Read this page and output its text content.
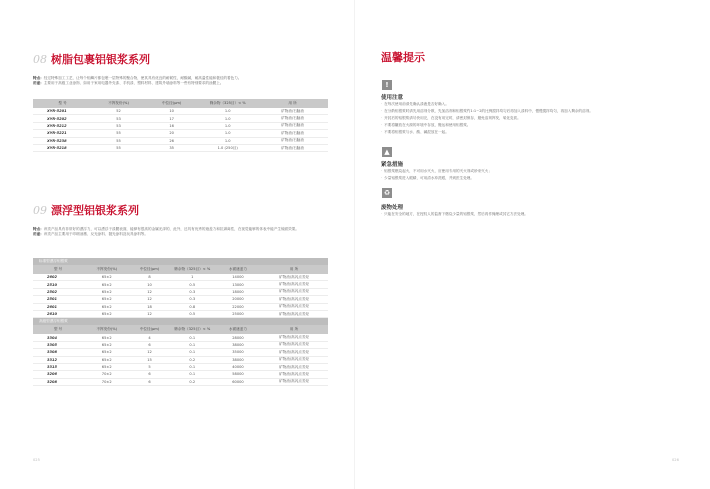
08 树脂包裹铝银浆系列
特点：经过特殊加工工艺，让每个铝鳞片都包裹一层特殊的聚合物，使其具有优良的耐候性，耐酸碱，耐高温性能和极佳的着色力。
用途：主要用于高级工业涂饰、如用于家用电器外壳漆、手机漆、塑料材料、建筑外墙涂料等一些有特别要求的涂膜上。
型 号	不挥发份(%)	中位径(μm)	筛余物（325目）< %	用 所
XYR-5201	52	10	1.0	矿物油/石脑油
XYR-5202	53	17	1.0	矿物油/石脑油
XYR-5212	53	16	1.0	矿物油/石脑油
XYR-5221	55	20	1.0	矿物油/石脑油
XYR-5238	55	26	1.0	矿物油/石脑油
XYR-5218	55	35	1.0 (250目)	矿物油/石脑油
09 漂浮型铝银浆系列
特点：该类产品具有非常好的漂浮力，可以漂浮于漆膜表面，能够有很高的金属光泽的，此外，还具有优秀的遮盖力和抗剥离性，在视觉能够的体表中能产生镜面效果。
用途：该类产品主要用于印刷油墨、反光涂料、抛光涂料及玩具涂料等。
标准型漂浮铝银浆					
型 号	不挥发份(%)	中位径(μm)	筛余物（325目）< %	水面遮盖力	用 所
2602	65±2	8	1	14000	矿物油/高闪点芳烃
2510	65±2	10	0.5	13000	矿物油/高闪点芳烃
2502	65±2	12	0.3	18000	矿物油/高闪点芳烃
2501	65±2	12	0.3	20000	矿物油/高闪点芳烃
2601	65±2	18	0.8	22000	矿物油/高闪点芳烃
2610	65±2	12	0.5	25000	矿物油/高闪点芳烃
高级型漂浮铝银浆					
型 号	不挥发份(%)	中位径(μm)	筛余物（325目）< %	水面遮盖力	用 所
3304	65±2	4	0.1	28000	矿物油/高闪点芳烃
3305	65±2	6	0.1	38000	矿物油/高闪点芳烃
3308	65±2	12	0.1	35000	矿物油/高闪点芳烃
3312	65±2	15	0.2	38000	矿物油/高闪点芳烃
3315	65±2	5	0.1	40000	矿物油/高闪点芳烃
3206	70±2	6	0.1	58000	矿物油/高闪点芳烃
3208	70±2	6	0.2	60000	矿物油/高闪点芳烃
温馨提示
!
使用注意
· 在每次使用前请先确认漆液是否好确入。
· 在分散铝银浆时请先用溶剂分散，先加溶剂和铝银浆约1:1~2的比例搅拌均匀后再加入漆料中，慢慢搅拌均匀，再加入剩余的溶剂。
· 开封后的铝银浆请尽快用完，在没有用完时，请密封保存，避免溶剂挥发，氧化变质。
· 不要将罐放在火源的环境中存放，搬运和使用铝银浆。
· 不要将铝银浆与水、酸、碱混放在一起。
▲
紧急措施
· 铝银浆燃烧起火，不可用水灭火，应使用专用的灭火剂或砂来灭火；
· 少量铝银浆进入眼睛，可用清水冲洗眼，并到医生处理。
♻
废物处理
· 只能在安全的地方，在授权人的监督下燃烧少量的铝银浆，然后再作掩埋或其它方法处理。
025	026
